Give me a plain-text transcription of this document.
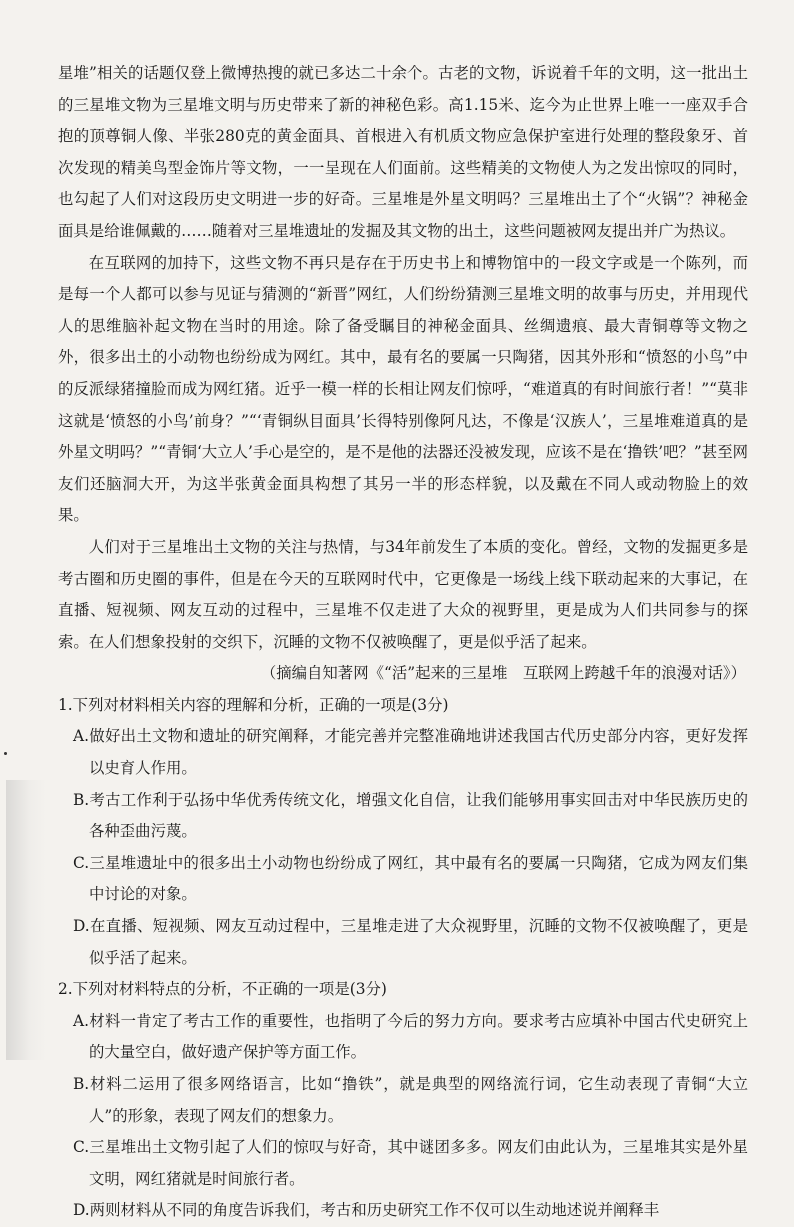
星堆”相关的话题仅登上微博热搜的就已多达二十余个。古老的文物，诉说着千年的文明，这一批出土的三星堆文物为三星堆文明与历史带来了新的神秘色彩。高1.15米、迄今为止世界上唯一一座双手合抱的顶尊铜人像、半张280克的黄金面具、首根进入有机质文物应急保护室进行处理的整段象牙、首次发现的精美鸟型金饰片等文物，一一呈现在人们面前。这些精美的文物使人为之发出惊叹的同时，也勾起了人们对这段历史文明进一步的好奇。三星堆是外星文明吗？三星堆出土了个“火锅”？神秘金面具是给谁佩戴的……随着对三星堆遗址的发掘及其文物的出土，这些问题被网友提出并广为热议。

在互联网的加持下，这些文物不再只是存在于历史书上和博物馆中的一段文字或是一个陈列，而是每一个人都可以参与见证与猜测的“新晋”网红，人们纷纷猜测三星堆文明的故事与历史，并用现代人的思维脑补起文物在当时的用途。除了备受瞩目的神秘金面具、丝绸遗痕、最大青铜尊等文物之外，很多出土的小动物也纷纷成为网红。其中，最有名的要属一只陶猪，因其外形和“愤怒的小鸟”中的反派绿猪撞脸而成为网红猪。近乎一模一样的长相让网友们惊呼，“难道真的有时间旅行者！”“莫非这就是‘愤怒的小鸟’前身？”“‘青铜纵目面具’长得特别像阿凡达，不像是‘汉族人’，三星堆难道真的是外星文明吗？”“青铜‘大立人’手心是空的，是不是他的法器还没被发现，应该不是在‘撸铁’吧？”甚至网友们还脑洞大开，为这半张黄金面具构想了其另一半的形态样貌，以及戴在不同人或动物脸上的效果。

人们对于三星堆出土文物的关注与热情，与34年前发生了本质的变化。曾经，文物的发掘更多是考古圈和历史圈的事件，但是在今天的互联网时代中，它更像是一场线上线下联动起来的大事记，在直播、短视频、网友互动的过程中，三星堆不仅走进了大众的视野里，更是成为人们共同参与的探索。在人们想象投射的交织下，沉睡的文物不仅被唤醒了，更是似乎活了起来。

（摘编自知著网《“活”起来的三星堆　互联网上跨越千年的浪漫对话》）

1.下列对材料相关内容的理解和分析，正确的一项是(3分)

A.做好出土文物和遗址的研究阐释，才能完善并完整准确地讲述我国古代历史部分内容，更好发挥以史育人作用。

B.考古工作利于弘扬中华优秀传统文化，增强文化自信，让我们能够用事实回击对中华民族历史的各种歪曲污蔑。

C.三星堆遗址中的很多出土小动物也纷纷成了网红，其中最有名的要属一只陶猪，它成为网友们集中讨论的对象。

D.在直播、短视频、网友互动过程中，三星堆走进了大众视野里，沉睡的文物不仅被唤醒了，更是似乎活了起来。

2.下列对材料特点的分析，不正确的一项是(3分)

A.材料一肯定了考古工作的重要性，也指明了今后的努力方向。要求考古应填补中国古代史研究上的大量空白，做好遗产保护等方面工作。

B.材料二运用了很多网络语言，比如“撸铁”，就是典型的网络流行词，它生动表现了青铜“大立人”的形象，表现了网友们的想象力。

C.三星堆出土文物引起了人们的惊叹与好奇，其中谜团多多。网友们由此认为，三星堆其实是外星文明，网红猪就是时间旅行者。

D.两则材料从不同的角度告诉我们，考古和历史研究工作不仅可以生动地述说并阐释丰
